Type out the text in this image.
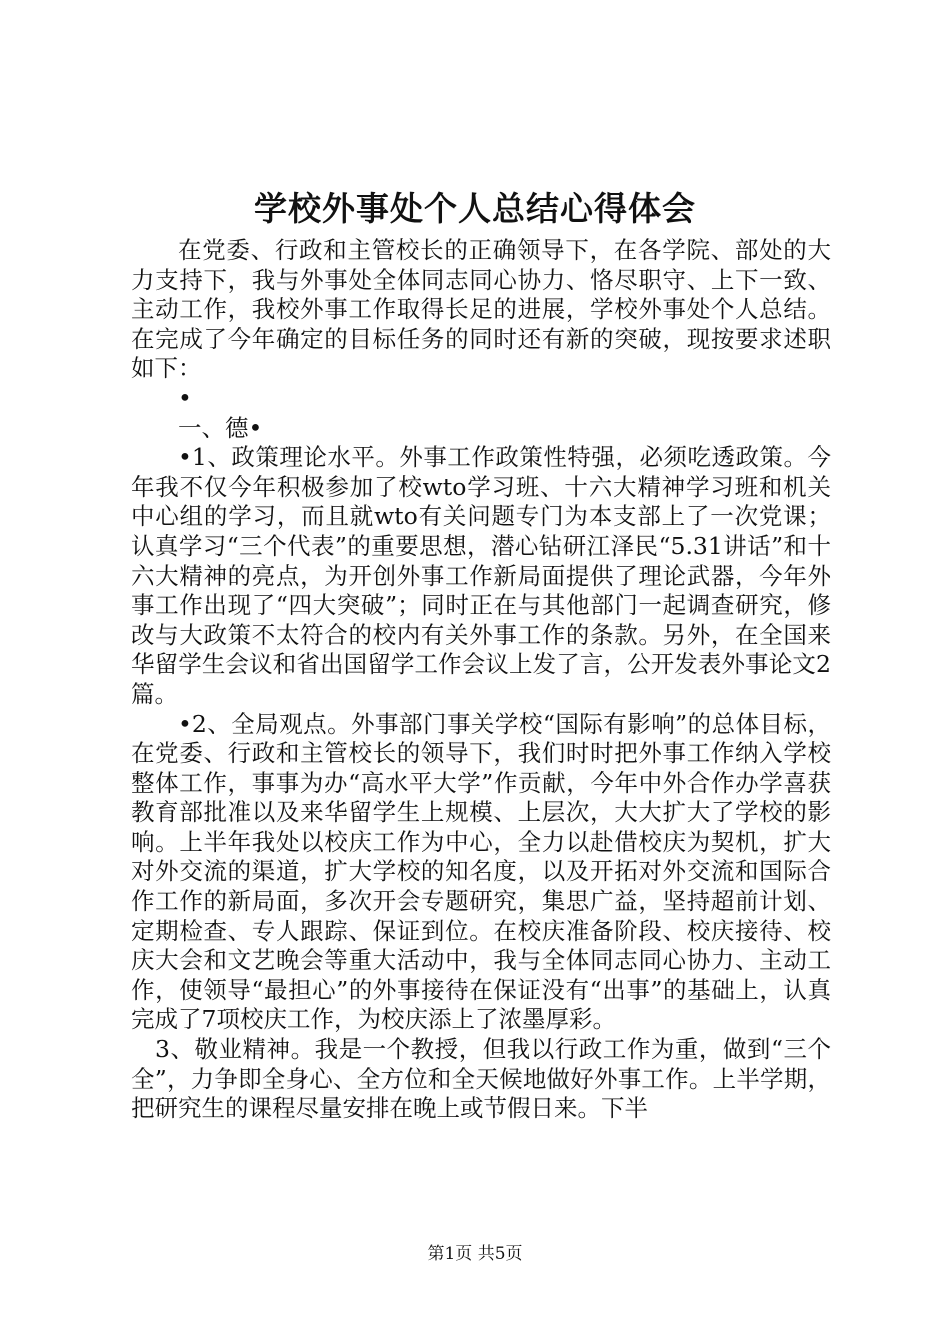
学校外事处个人总结心得体会

在党委、行政和主管校长的正确领导下，在各学院、部处的大力支持下，我与外事处全体同志同心协力、恪尽职守、上下一致、主动工作，我校外事工作取得长足的进展，学校外事处个人总结。在完成了今年确定的目标任务的同时还有新的突破，现按要求述职如下：

•

一、德•

•1、政策理论水平。外事工作政策性特强，必须吃透政策。今年我不仅今年积极参加了校wto学习班、十六大精神学习班和机关中心组的学习，而且就wto有关问题专门为本支部上了一次党课；认真学习“三个代表”的重要思想，潜心钻研江泽民“5.31讲话”和十六大精神的亮点，为开创外事工作新局面提供了理论武器，今年外事工作出现了“四大突破”；同时正在与其他部门一起调查研究，修改与大政策不太符合的校内有关外事工作的条款。另外，在全国来华留学生会议和省出国留学工作会议上发了言，公开发表外事论文2篇。

•2、全局观点。外事部门事关学校“国际有影响”的总体目标，在党委、行政和主管校长的领导下，我们时时把外事工作纳入学校整体工作，事事为办“高水平大学”作贡献，今年中外合作办学喜获教育部批准以及来华留学生上规模、上层次，大大扩大了学校的影响。上半年我处以校庆工作为中心，全力以赴借校庆为契机，扩大对外交流的渠道，扩大学校的知名度，以及开拓对外交流和国际合作工作的新局面，多次开会专题研究，集思广益，坚持超前计划、定期检查、专人跟踪、保证到位。在校庆准备阶段、校庆接待、校庆大会和文艺晚会等重大活动中，我与全体同志同心协力、主动工作，使领导“最担心”的外事接待在保证没有“出事”的基础上，认真完成了7项校庆工作，为校庆添上了浓墨厚彩。

3、敬业精神。我是一个教授，但我以行政工作为重，做到“三个全”，力争即全身心、全方位和全天候地做好外事工作。上半学期，把研究生的课程尽量安排在晚上或节假日来。下半

第1页 共5页
